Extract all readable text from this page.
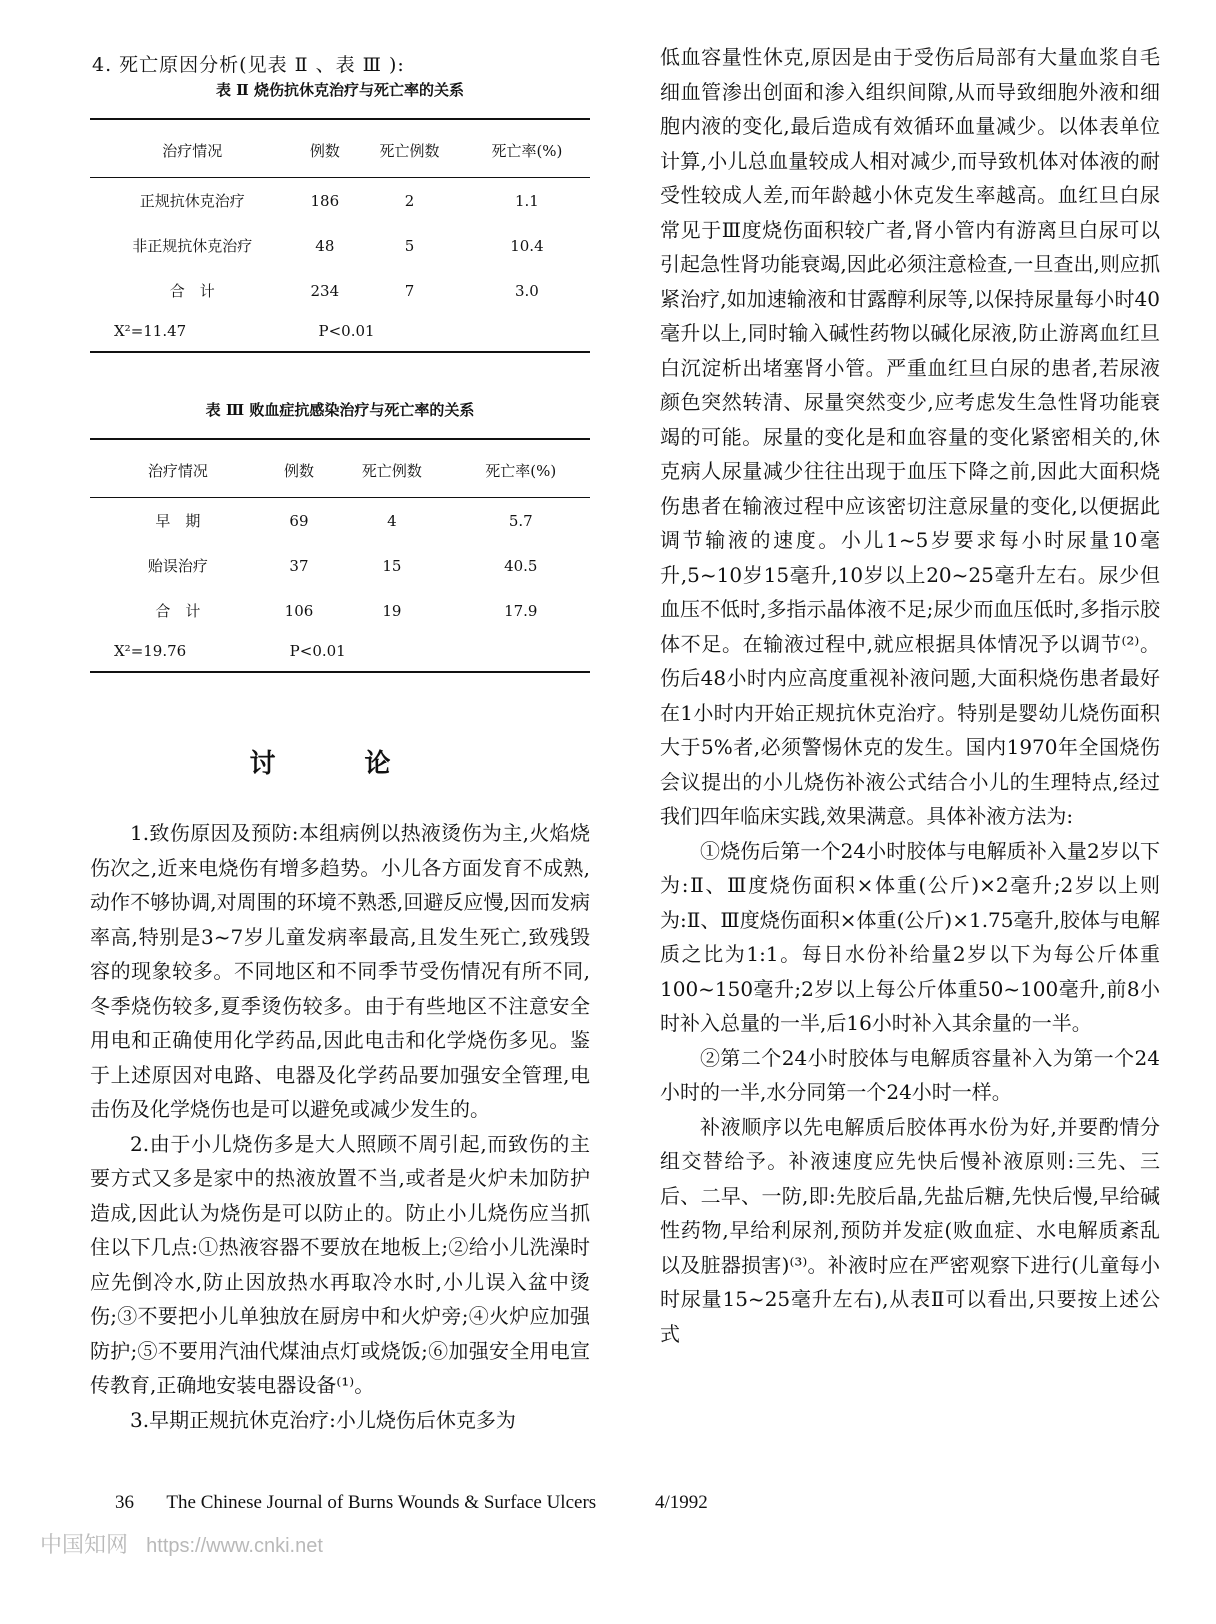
4. 死亡原因分析(见表 Ⅱ 、表 Ⅲ ):
表 Ⅱ 烧伤抗休克治疗与死亡率的关系
治疗情况	例数	死亡例数	死亡率(%)
正规抗休克治疗	186	2	1.1
非正规抗休克治疗	48	5	10.4
合　计	234	7	3.0
X²=11.47	P<0.01		
表 Ⅲ 败血症抗感染治疗与死亡率的关系
治疗情况	例数	死亡例数	死亡率(%)
早　期	69	4	5.7
贻误治疗	37	15	40.5
合　计	106	19	17.9
X²=19.76	P<0.01		
讨 论

1.致伤原因及预防:本组病例以热液烫伤为主,火焰烧伤次之,近来电烧伤有增多趋势。小儿各方面发育不成熟,动作不够协调,对周围的环境不熟悉,回避反应慢,因而发病率高,特别是3~7岁儿童发病率最高,且发生死亡,致残毁容的现象较多。不同地区和不同季节受伤情况有所不同,冬季烧伤较多,夏季烫伤较多。由于有些地区不注意安全用电和正确使用化学药品,因此电击和化学烧伤多见。鉴于上述原因对电路、电器及化学药品要加强安全管理,电击伤及化学烧伤也是可以避免或减少发生的。

2.由于小儿烧伤多是大人照顾不周引起,而致伤的主要方式又多是家中的热液放置不当,或者是火炉未加防护造成,因此认为烧伤是可以防止的。防止小儿烧伤应当抓住以下几点:①热液容器不要放在地板上;②给小儿洗澡时应先倒冷水,防止因放热水再取冷水时,小儿误入盆中烫伤;③不要把小儿单独放在厨房中和火炉旁;④火炉应加强防护;⑤不要用汽油代煤油点灯或烧饭;⑥加强安全用电宣传教育,正确地安装电器设备⁽¹⁾。

3.早期正规抗休克治疗:小儿烧伤后休克多为

低血容量性休克,原因是由于受伤后局部有大量血浆自毛细血管渗出创面和渗入组织间隙,从而导致细胞外液和细胞内液的变化,最后造成有效循环血量减少。以体表单位计算,小儿总血量较成人相对减少,而导致机体对体液的耐受性较成人差,而年龄越小休克发生率越高。血红旦白尿常见于Ⅲ度烧伤面积较广者,肾小管内有游离旦白尿可以引起急性肾功能衰竭,因此必须注意检查,一旦查出,则应抓紧治疗,如加速输液和甘露醇利尿等,以保持尿量每小时40毫升以上,同时输入碱性药物以碱化尿液,防止游离血红旦白沉淀析出堵塞肾小管。严重血红旦白尿的患者,若尿液颜色突然转清、尿量突然变少,应考虑发生急性肾功能衰竭的可能。尿量的变化是和血容量的变化紧密相关的,休克病人尿量减少往往出现于血压下降之前,因此大面积烧伤患者在输液过程中应该密切注意尿量的变化,以便据此调节输液的速度。小儿1~5岁要求每小时尿量10毫升,5~10岁15毫升,10岁以上20~25毫升左右。尿少但血压不低时,多指示晶体液不足;尿少而血压低时,多指示胶体不足。在输液过程中,就应根据具体情况予以调节⁽²⁾。伤后48小时内应高度重视补液问题,大面积烧伤患者最好在1小时内开始正规抗休克治疗。特别是婴幼儿烧伤面积大于5%者,必须警惕休克的发生。国内1970年全国烧伤会议提出的小儿烧伤补液公式结合小儿的生理特点,经过我们四年临床实践,效果满意。具体补液方法为:

①烧伤后第一个24小时胶体与电解质补入量2岁以下为:Ⅱ、Ⅲ度烧伤面积×体重(公斤)×2毫升;2岁以上则为:Ⅱ、Ⅲ度烧伤面积×体重(公斤)×1.75毫升,胶体与电解质之比为1:1。每日水份补给量2岁以下为每公斤体重100~150毫升;2岁以上每公斤体重50~100毫升,前8小时补入总量的一半,后16小时补入其余量的一半。

②第二个24小时胶体与电解质容量补入为第一个24小时的一半,水分同第一个24小时一样。

补液顺序以先电解质后胶体再水份为好,并要酌情分组交替给予。补液速度应先快后慢补液原则:三先、三后、二早、一防,即:先胶后晶,先盐后糖,先快后慢,早给碱性药物,早给利尿剂,预防并发症(败血症、水电解质紊乱以及脏器损害)⁽³⁾。补液时应在严密观察下进行(儿童每小时尿量15~25毫升左右),从表Ⅱ可以看出,只要按上述公式

36 The Chinese Journal of Burns Wounds & Surface Ulcers	4/1992
中国知网 https://www.cnki.net
